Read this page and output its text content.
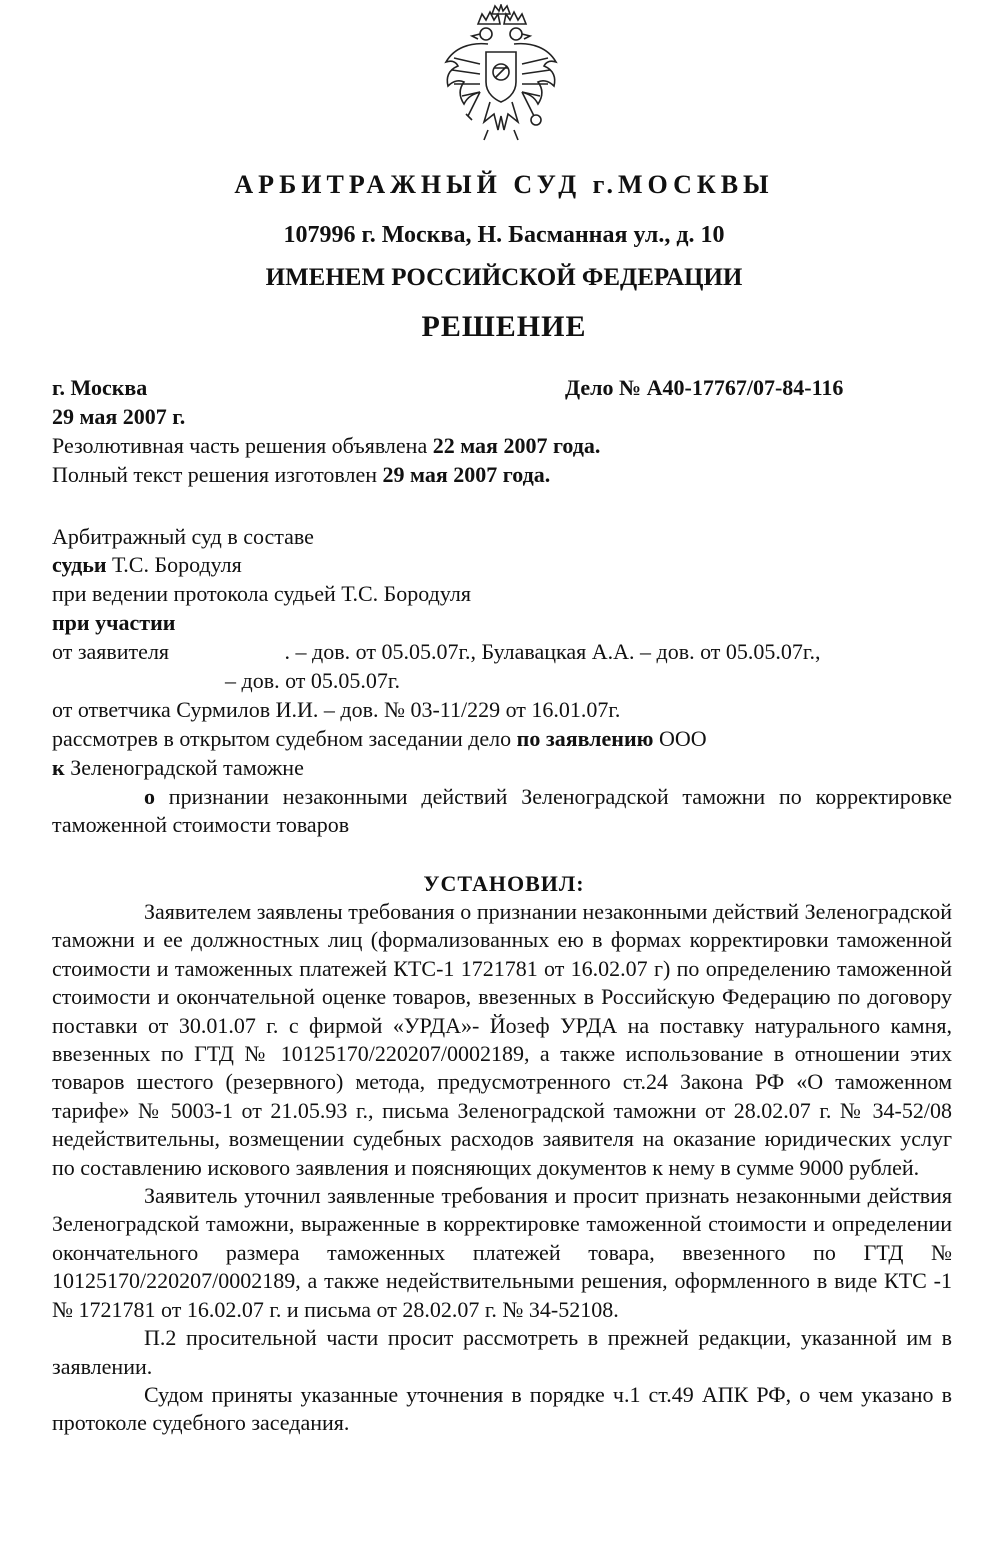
АРБИТРАЖНЫЙ СУД г.МОСКВЫ
107996 г. Москва, Н. Басманная ул., д. 10
ИМЕНЕМ РОССИЙСКОЙ ФЕДЕРАЦИИ
РЕШЕНИЕ
г. Москва	Дело № А40-17767/07-84-116
29 мая 2007 г.
Резолютивная часть решения объявлена 22 мая 2007 года.
Полный текст решения изготовлен 29 мая 2007 года.
Арбитражный суд в составе
судьи Т.С. Бородуля
при ведении протокола судьей Т.С. Бородуля
при участии
от заявителя                     . – дов. от 05.05.07г., Булавацкая А.А. – дов. от 05.05.07г.,
– дов. от 05.05.07г.
от ответчика Сурмилов И.И. – дов. № 03-11/229 от 16.01.07г.
рассмотрев в открытом судебном заседании дело по заявлению ООО
к Зеленоградской таможне

о признании незаконными действий Зеленоградской таможни по корректировке таможенной стоимости товаров

УСТАНОВИЛ:

Заявителем заявлены требования о признании незаконными действий Зеленоградской таможни и ее должностных лиц (формализованных ею в формах корректировки таможенной стоимости и таможенных платежей КТС-1 1721781 от 16.02.07 г) по определению таможенной стоимости и окончательной оценке товаров, ввезенных в Российскую Федерацию по договору поставки от 30.01.07 г. с фирмой «УРДА»- Йозеф УРДА на поставку натурального камня, ввезенных по ГТД № 10125170/220207/0002189, а также использование в отношении этих товаров шестого (резервного) метода, предусмотренного ст.24 Закона РФ «О таможенном тарифе» № 5003-1 от 21.05.93 г., письма Зеленоградской таможни от 28.02.07 г. № 34-52/08 недействительны, возмещении судебных расходов заявителя на оказание юридических услуг по составлению искового заявления и поясняющих документов к нему в сумме 9000 рублей.

Заявитель уточнил заявленные требования и просит признать незаконными действия Зеленоградской таможни, выраженные в корректировке таможенной стоимости и определении окончательного размера таможенных платежей товара, ввезенного по ГТД № 10125170/220207/0002189, а также недействительными решения, оформленного в виде КТС -1 № 1721781 от 16.02.07 г. и письма от 28.02.07 г. № 34-52108.

П.2 просительной части просит рассмотреть в прежней редакции, указанной им в заявлении.

Судом приняты указанные уточнения в порядке ч.1 ст.49 АПК РФ, о чем указано в протоколе судебного заседания.
